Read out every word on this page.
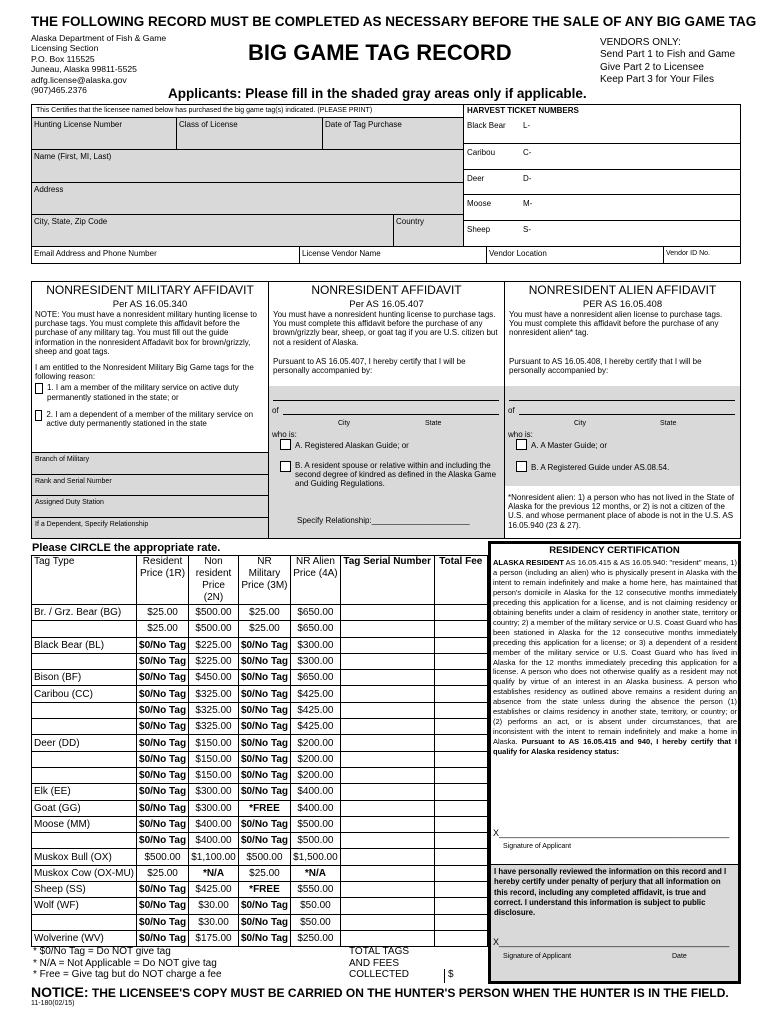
THE FOLLOWING RECORD MUST BE COMPLETED AS NECESSARY BEFORE THE SALE OF ANY BIG GAME TAG
Alaska Department of Fish & Game
Licensing Section
P.O. Box 115525
Juneau, Alaska 99811-5525
adfg.license@alaska.gov
(907)465.2376
BIG GAME TAG RECORD	VENDORS ONLY:
Send Part 1 to Fish and Game
Give Part 2 to Licensee
Keep Part 3 for Your Files
Applicants: Please fill in the shaded gray areas only if applicable.
This Certifies that the licensee named below has purchased the big game tag(s) indicated. (PLEASE PRINT)
Hunting License Number	Class of License	Date of Tag Purchase
Name (First, MI, Last)
Address
City, State, Zip Code	Country
Email Address and Phone Number	License Vendor Name	Vendor Location	Vendor ID No.
HARVEST TICKET NUMBERS
Black Bear L-
Caribou	C-
Deer	D-
Moose	M-
Sheep	S-
NONRESIDENT MILITARY AFFIDAVIT
Per AS 16.05.340
NOTE: You must have a nonresident military hunting license to purchase tags. You must complete this affidavit before the purchase of any military tag. You must fill out the guide information in the nonresident Affadavit box for brown/grizzly, sheep and goat tags.
I am entitled to the Nonresident Military Big Game tags for the following reason:
1. I am a member of the military service on active duty permanently stationed in the state; or
2. I am a dependent of a member of the military service on active duty permanently stationed in the state
Branch of Military
Rank and Serial Number
Assigned Duty Station
If a Dependent, Specify Relationship
NONRESIDENT AFFIDAVIT
Per AS 16.05.407
You must have a nonresident hunting license to purchase tags. You must complete this affidavit before the purchase of any brown/grizzly bear, sheep, or goat tag if you are U.S. citizen but not a resident of Alaska.
Pursuant to AS 16.05.407, I hereby certify that I will be personally accompanied by:
of
City	State
who is:
A. Registered Alaskan Guide; or
B. A resident spouse or relative within and including the second degree of kindred as defined in the Alaska Game and Guiding Regulations.
Specify Relationship:______________________
NONRESIDENT ALIEN AFFIDAVIT
PER AS 16.05.408
You must have a nonresident alien license to purchase tags. You must complete this affidavit before the purchase of any nonresident alien* tag.
Pursuant to AS 16.05.408, I hereby certify that I will be personally accompanied by:
of
City	State
who is:
A. A Master Guide; or
B. A Registered Guide under AS.08.54.
*Nonresident alien: 1) a person who has not lived in the State of Alaska for the previous 12 months, or 2) is not a citizen of the U.S. and whose permanent place of abode is not in the U.S. AS 16.05.940 (23 & 27).
Please CIRCLE the appropriate rate.
Tag Type	Resident Price (1R)	Non resident Price (2N)	NR Military Price (3M)	NR Alien Price (4A)	Tag Serial Number	Total Fee
Br. / Grz. Bear (BG)	$25.00	$500.00	$25.00	$650.00		
	$25.00	$500.00	$25.00	$650.00		
Black Bear (BL)	$0/No Tag	$225.00	$0/No Tag	$300.00		
	$0/No Tag	$225.00	$0/No Tag	$300.00		
Bison (BF)	$0/No Tag	$450.00	$0/No Tag	$650.00		
Caribou (CC)	$0/No Tag	$325.00	$0/No Tag	$425.00		
	$0/No Tag	$325.00	$0/No Tag	$425.00		
	$0/No Tag	$325.00	$0/No Tag	$425.00		
Deer (DD)	$0/No Tag	$150.00	$0/No Tag	$200.00		
	$0/No Tag	$150.00	$0/No Tag	$200.00		
	$0/No Tag	$150.00	$0/No Tag	$200.00		
Elk (EE)	$0/No Tag	$300.00	$0/No Tag	$400.00		
Goat (GG)	$0/No Tag	$300.00	*FREE	$400.00		
Moose (MM)	$0/No Tag	$400.00	$0/No Tag	$500.00		
	$0/No Tag	$400.00	$0/No Tag	$500.00		
Muskox Bull (OX)	$500.00	$1,100.00	$500.00	$1,500.00		
Muskox Cow (OX-MU)	$25.00	*N/A	$25.00	*N/A		
Sheep (SS)	$0/No Tag	$425.00	*FREE	$550.00		
Wolf (WF)	$0/No Tag	$30.00	$0/No Tag	$50.00		
	$0/No Tag	$30.00	$0/No Tag	$50.00		
Wolverine (WV)	$0/No Tag	$175.00	$0/No Tag	$250.00		
* $0/No Tag = Do NOT give tag
* N/A = Not Applicable = Do NOT give tag
* Free = Give tag but do NOT charge a fee
TOTAL TAGS
AND FEES
COLLECTED	$
RESIDENCY CERTIFICATION
ALASKA RESIDENT AS 16.05.415 & AS 16.05.940: "resident" means, 1) a person (including an alien) who is physically present in Alaska with the intent to remain indefinitely and make a home here, has maintained that person's domicile in Alaska for the 12 consecutive months immediately preceding this application for a license, and is not claiming residency or obtaining benefits under a claim of residency in another state, territory or country; 2) a member of the military service or U.S. Coast Guard who has been stationed in Alaska for the 12 consecutive months immediately preceding this application for a license; or 3) a dependent of a resident member of the military service or U.S. Coast Guard who has lived in Alaska for the 12 months immediately preceding this application for a license. A person who does not otherwise qualify as a resident may not qualify by virtue of an interest in an Alaska business. A person who establishes residency as outlined above remains a resident during an absence from the state unless during the absence the person (1) establishes or claims residency in another state, territory, or country; or (2) performs an act, or is absent under circumstances, that are inconsistent with the intent to remain indefinitely and make a home in Alaska. Pursuant to AS 16.05.415 and 940, I hereby certify that I qualify for Alaska residency status:
X______________________________________________
Signature of Applicant
I have personally reviewed the information on this record and I hereby certify under penalty of perjury that all information on this record, including any completed affidavit, is true and correct. I understand this information is subject to public disclosure.
X______________________________________________
Signature of Applicant	Date
NOTICE: THE LICENSEE'S COPY MUST BE CARRIED ON THE HUNTER'S PERSON WHEN THE HUNTER IS IN THE FIELD.
11-180(02/15)
